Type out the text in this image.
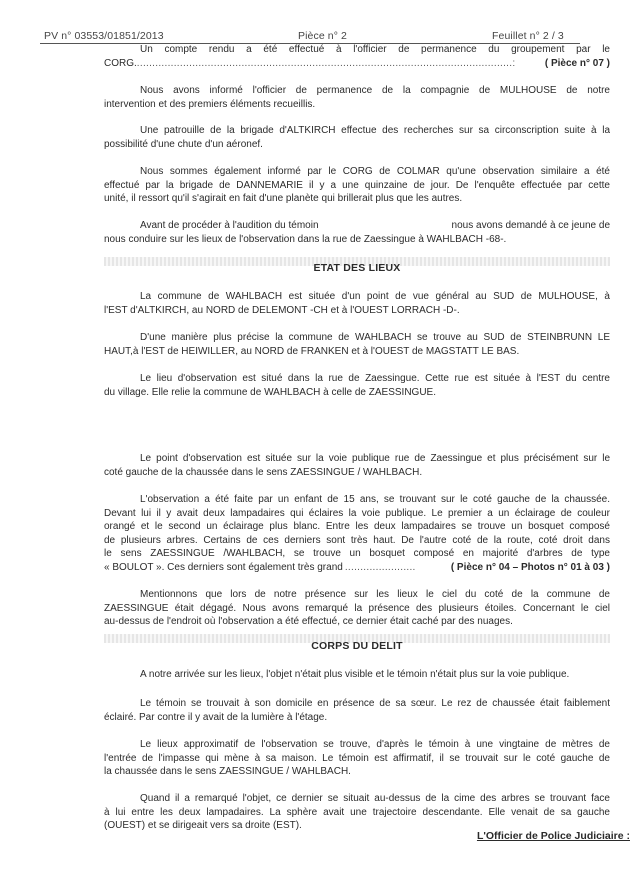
PV n° 03553/01851/2013	Pièce n° 2	Feuillet n° 2 / 3
Un compte rendu a été effectué à l'officier de permanence du groupement par le
CORG. ..........................................................................................................................:	( Pièce n° 07 )
Nous avons informé l'officier de permanence de la compagnie de MULHOUSE de notre
intervention et des premiers éléments recueillis.
Une patrouille de la brigade d'ALTKIRCH effectue des recherches sur sa circonscription suite à la
possibilité d'une chute d'un aéronef.
Nous sommes également informé par le CORG de COLMAR qu'une observation similaire a été
effectué par la brigade de DANNEMARIE il y a une quinzaine de jour. De l'enquête effectuée par cette
unité, il ressort qu'il s'agirait en fait d'une planète qui brillerait plus que les autres.
Avant de procéder à l'audition du témoin	nous avons demandé à ce jeune de
nous conduire sur les lieux de l'observation dans la rue de Zaessingue à WAHLBACH -68-.
ETAT DES LIEUX
La commune de WAHLBACH est située d'un point de vue général au SUD de MULHOUSE, à
l'EST d'ALTKIRCH, au NORD de DELEMONT -CH et à l'OUEST LORRACH -D-.
D'une manière plus précise la commune de WAHLBACH se trouve au SUD de STEINBRUNN LE
HAUT,à l'EST de HEIWILLER, au NORD de FRANKEN et à l'OUEST de MAGSTATT LE BAS.
Le lieu d'observation est situé dans la rue de Zaessingue. Cette rue est située à l'EST du centre
du village. Elle relie la commune de WAHLBACH à celle de ZAESSINGUE.
Le point d'observation est située sur la voie publique rue de Zaessingue et plus précisément sur le
coté gauche de la chaussée dans le sens ZAESSINGUE / WAHLBACH.
L'observation a été faite par un enfant de 15 ans, se trouvant sur le coté gauche de la chaussée.
Devant lui il y avait deux lampadaires qui éclaires la voie publique. Le premier a un éclairage de couleur
orangé et le second un éclairage plus blanc. Entre les deux lampadaires se trouve un bosquet composé
de plusieurs arbres. Certains de ces derniers sont très haut. De l'autre coté de la route, coté droit dans
le sens ZAESSINGUE /WAHLBACH, se trouve un bosquet composé en majorité d'arbres de type
« BOULOT ». Ces derniers sont également très grand .......................	( Pièce n° 04 – Photos n° 01 à 03 )
Mentionnons que lors de notre présence sur les lieux le ciel du coté de la commune de
ZAESSINGUE était dégagé. Nous avons remarqué la présence des plusieurs étoiles. Concernant le ciel
au-dessus de l'endroit où l'observation a été effectué, ce dernier était caché par des nuages.
CORPS DU DELIT
A notre arrivée sur les lieux, l'objet n'était plus visible et le témoin n'était plus sur la voie publique.
Le témoin se trouvait à son domicile en présence de sa sœur. Le rez de chaussée était faiblement
éclairé. Par contre il y avait de la lumière à l'étage.
Le lieux approximatif de l'observation se trouve, d'après le témoin à une vingtaine de mètres de
l'entrée de l'impasse qui mène à sa maison. Le témoin est affirmatif, il se trouvait sur le coté gauche de
la chaussée dans le sens ZAESSINGUE / WAHLBACH.
Quand il a remarqué l'objet, ce dernier se situait au-dessus de la cime des arbres se trouvant face
à lui entre les deux lampadaires. La sphère avait une trajectoire descendante. Elle venait de sa gauche
(OUEST) et se dirigeait vers sa droite (EST).
L'Officier de Police Judiciaire :
